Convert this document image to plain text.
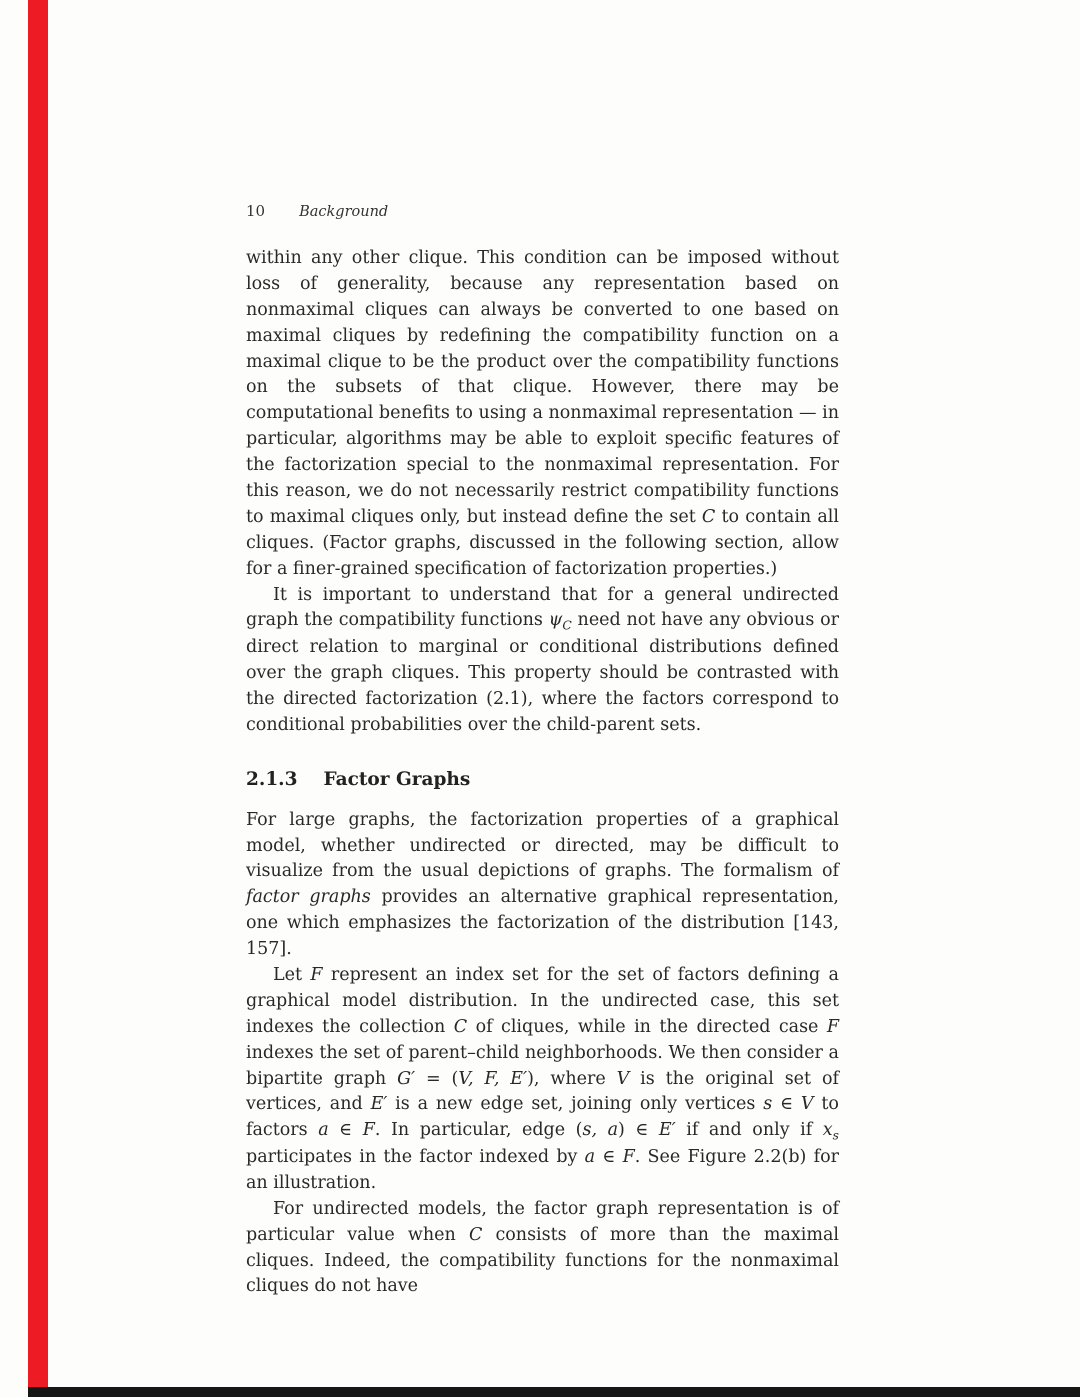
10 Background

within any other clique. This condition can be imposed without loss of generality, because any representation based on nonmaximal cliques can always be converted to one based on maximal cliques by redefining the compatibility function on a maximal clique to be the product over the compatibility functions on the subsets of that clique. However, there may be computational benefits to using a nonmaximal representation — in particular, algorithms may be able to exploit specific features of the factorization special to the nonmaximal representation. For this reason, we do not necessarily restrict compatibility functions to maximal cliques only, but instead define the set C to contain all cliques. (Factor graphs, discussed in the following section, allow for a finer-grained specification of factorization properties.)

It is important to understand that for a general undirected graph the compatibility functions $\psi_C$ need not have any obvious or direct relation to marginal or conditional distributions defined over the graph cliques. This property should be contrasted with the directed factorization (2.1), where the factors correspond to conditional probabilities over the child-parent sets.

2.1.3 Factor Graphs

For large graphs, the factorization properties of a graphical model, whether undirected or directed, may be difficult to visualize from the usual depictions of graphs. The formalism of factor graphs provides an alternative graphical representation, one which emphasizes the factorization of the distribution [143, 157].

Let F represent an index set for the set of factors defining a graphical model distribution. In the undirected case, this set indexes the collection C of cliques, while in the directed case F indexes the set of parent–child neighborhoods. We then consider a bipartite graph G′ = (V, F, E′), where V is the original set of vertices, and E′ is a new edge set, joining only vertices s ∈ V to factors a ∈ F. In particular, edge (s, a) ∈ E′ if and only if $x_s$ participates in the factor indexed by a ∈ F. See Figure 2.2(b) for an illustration.

For undirected models, the factor graph representation is of particular value when C consists of more than the maximal cliques. Indeed, the compatibility functions for the nonmaximal cliques do not have
